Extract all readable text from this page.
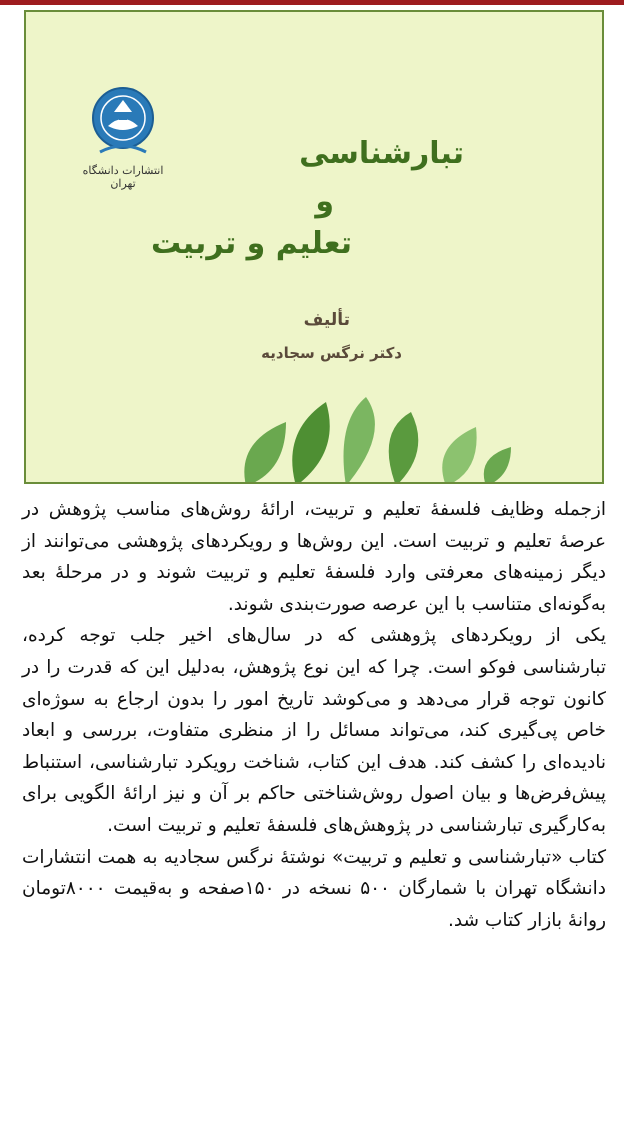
انتشارات دانشگاه تهران
تبارشناسی
و
تعلیم و تربیت
تألیف
دکتر نرگس سجادیه

ازجمله وظایف فلسفهٔ تعلیم و تربیت، ارائهٔ روش‌های مناسب پژوهش در عرصهٔ تعلیم و تربیت است. این روش‌ها و رویکردهای پژوهشی می‌توانند از دیگر زمینه‌های معرفتی وارد فلسفهٔ تعلیم و تربیت شوند و در مرحلهٔ بعد به‌گونه‌ای متناسب با این عرصه صورت‌بندی شوند.

یکی از رویکردهای پژوهشی که در سال‌های اخیر جلب توجه کرده، تبارشناسی فوکو است. چرا که این نوع پژوهش، به‌دلیل این که قدرت را در کانون توجه قرار می‌دهد و می‌کوشد تاریخ امور را بدون ارجاع به سوژه‌ای خاص پی‌گیری کند، می‌تواند مسائل را از منظری متفاوت، بررسی و ابعاد نادیده‌ای را کشف کند. هدف این کتاب، شناخت رویکرد تبارشناسی، استنباط پیش‌فرض‌ها و بیان اصول روش‌شناختی حاکم بر آن و نیز ارائهٔ الگویی برای به‌کارگیری تبارشناسی در پژوهش‌های فلسفهٔ تعلیم و تربیت است.

کتاب «تبارشناسی و تعلیم و تربیت» نوشتهٔ نرگس سجادیه به همت انتشارات دانشگاه تهران با شمارگان ۵۰۰ نسخه در ۱۵۰صفحه و به‌قیمت ۸۰۰۰تومان روانهٔ بازار کتاب شد.
